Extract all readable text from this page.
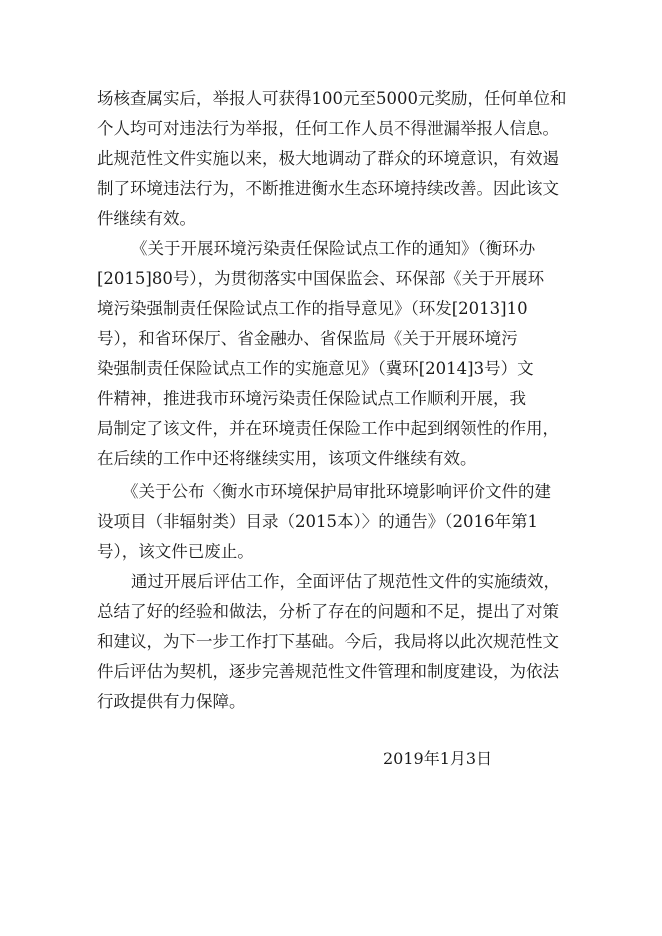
场核查属实后，举报人可获得100元至5000元奖励，任何单位和
个人均可对违法行为举报，任何工作人员不得泄漏举报人信息。
此规范性文件实施以来，极大地调动了群众的环境意识，有效遏
制了环境违法行为，不断推进衡水生态环境持续改善。因此该文
件继续有效。
《关于开展环境污染责任保险试点工作的通知》（衡环办
[2015]80号），为贯彻落实中国保监会、环保部《关于开展环
境污染强制责任保险试点工作的指导意见》（环发[2013]10
号），和省环保厅、省金融办、省保监局《关于开展环境污
染强制责任保险试点工作的实施意见》（冀环[2014]3号）文
件精神，推进我市环境污染责任保险试点工作顺利开展，我
局制定了该文件，并在环境责任保险工作中起到纲领性的作用，
在后续的工作中还将继续实用，该项文件继续有效。
《关于公布〈衡水市环境保护局审批环境影响评价文件的建
设项目（非辐射类）目录（2015本）〉的通告》（2016年第1
号），该文件已废止。
通过开展后评估工作，全面评估了规范性文件的实施绩效，
总结了好的经验和做法，分析了存在的问题和不足，提出了对策
和建议，为下一步工作打下基础。今后，我局将以此次规范性文
件后评估为契机，逐步完善规范性文件管理和制度建设，为依法
行政提供有力保障。
2019年1月3日
